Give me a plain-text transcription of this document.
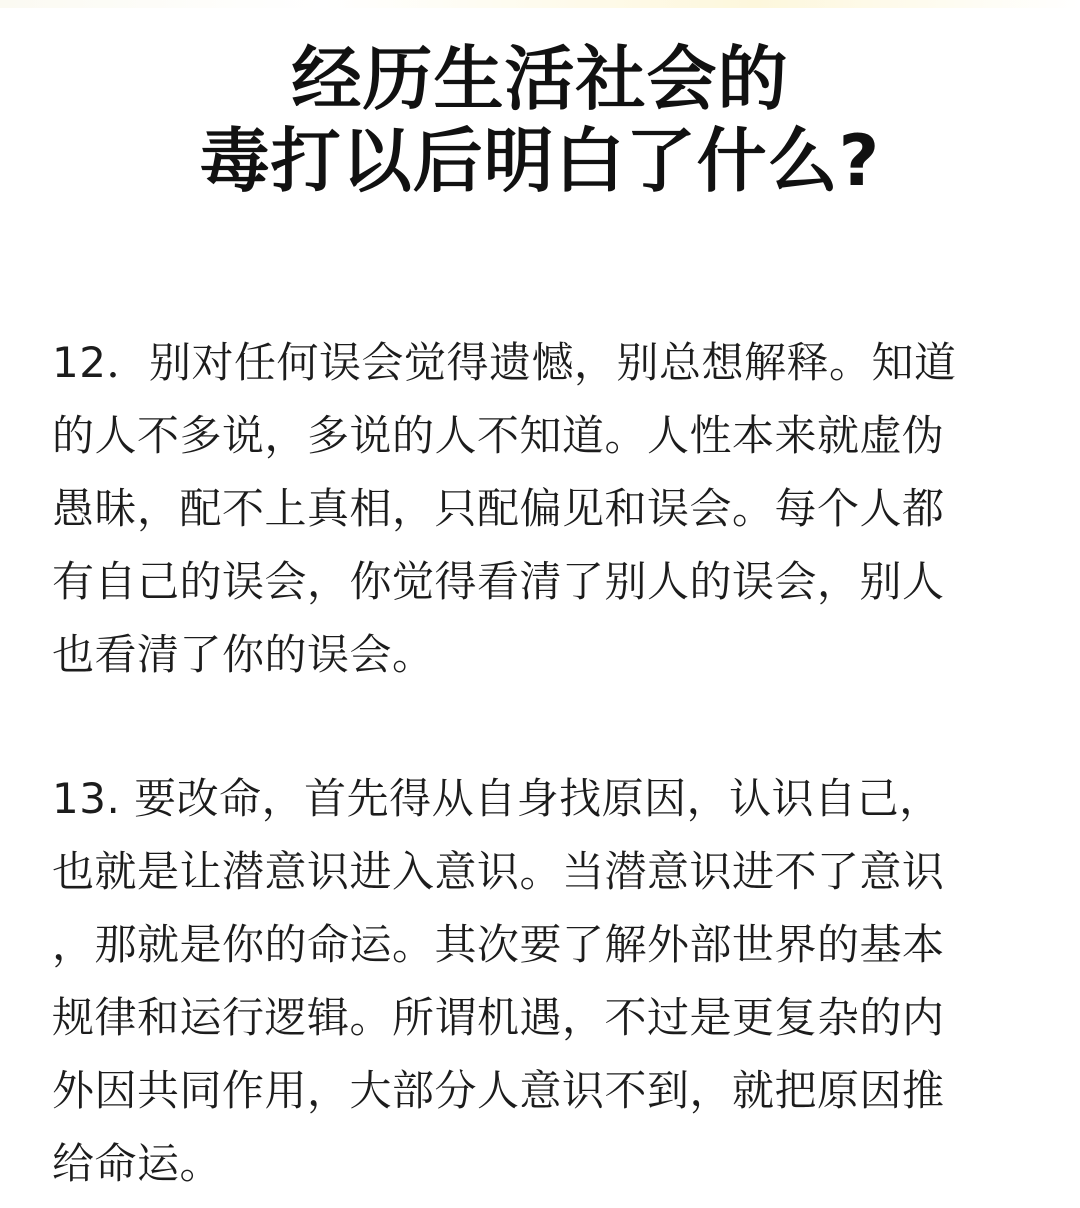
经历生活社会的
毒打以后明白了什么?
12．别对任何误会觉得遗憾，别总想解释。知道
的人不多说，多说的人不知道。人性本来就虚伪
愚昧，配不上真相，只配偏见和误会。每个人都
有自己的误会，你觉得看清了别人的误会，别人
也看清了你的误会。
13. 要改命，首先得从自身找原因，认识自己，
也就是让潜意识进入意识。当潜意识进不了意识
，那就是你的命运。其次要了解外部世界的基本
规律和运行逻辑。所谓机遇，不过是更复杂的内
外因共同作用，大部分人意识不到，就把原因推
给命运。
